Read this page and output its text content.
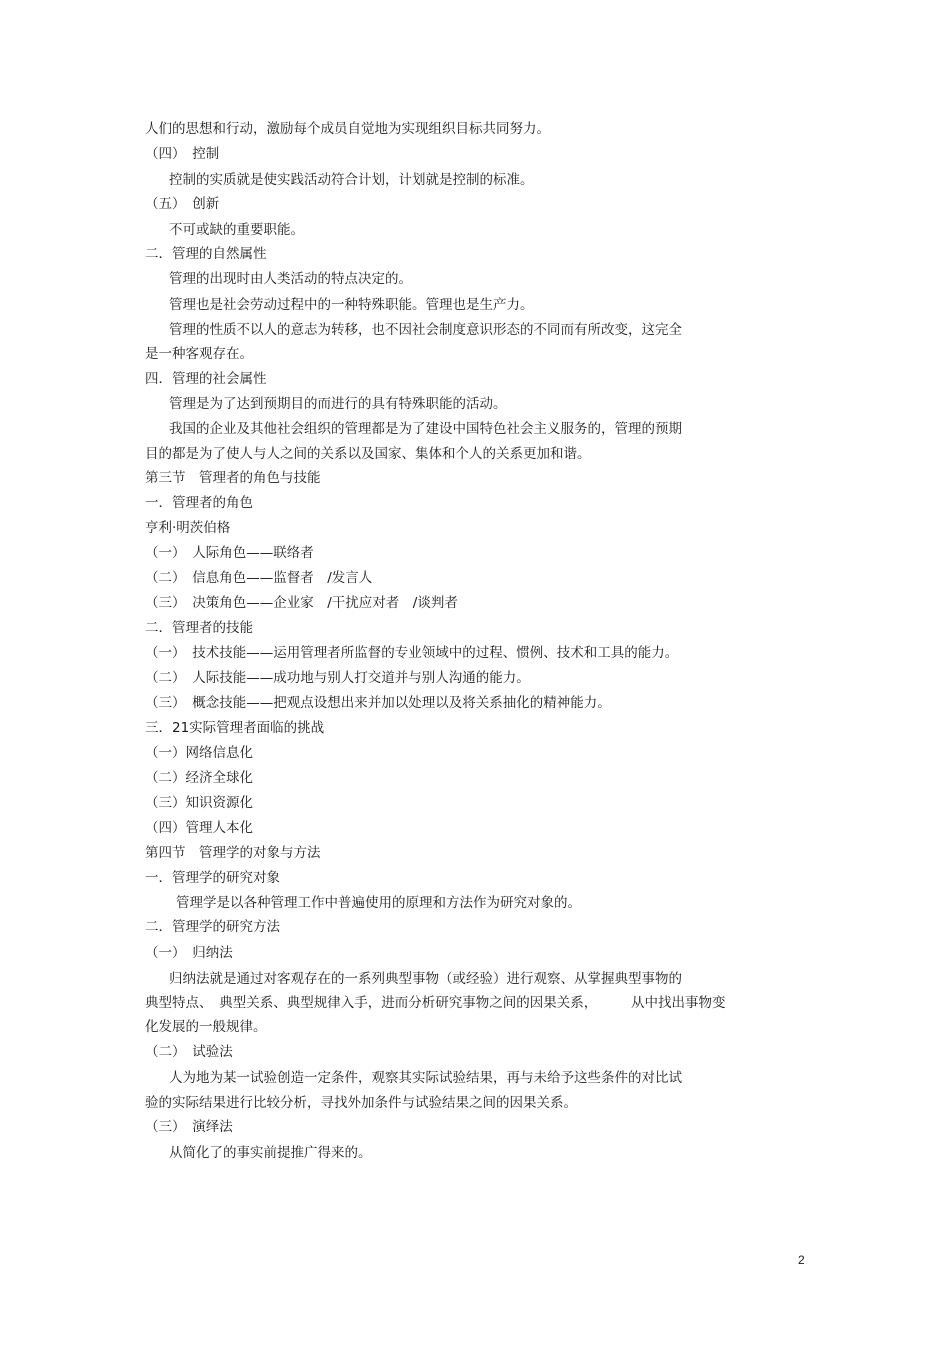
人们的思想和行动，激励每个成员自觉地为实现组织目标共同努力。
（四）　控制
控制的实质就是使实践活动符合计划，计划就是控制的标准。
（五）　创新
不可或缺的重要职能。
二．管理的自然属性
管理的出现时由人类活动的特点决定的。
管理也是社会劳动过程中的一种特殊职能。管理也是生产力。
管理的性质不以人的意志为转移，也不因社会制度意识形态的不同而有所改变，这完全
是一种客观存在。
四．管理的社会属性
管理是为了达到预期目的而进行的具有特殊职能的活动。
我国的企业及其他社会组织的管理都是为了建设中国特色社会主义服务的，管理的预期
目的都是为了使人与人之间的关系以及国家、集体和个人的关系更加和谐。
第三节　管理者的角色与技能
一．管理者的角色
亨利·明茨伯格
（一）　人际角色——联络者
（二）　信息角色——监督者　/发言人
（三）　决策角色——企业家　/干扰应对者　/谈判者
二．管理者的技能
（一）　技术技能——运用管理者所监督的专业领域中的过程、惯例、技术和工具的能力。
（二）　人际技能——成功地与别人打交道并与别人沟通的能力。
（三）　概念技能——把观点设想出来并加以处理以及将关系抽化的精神能力。
三．21实际管理者面临的挑战
（一）网络信息化
（二）经济全球化
（三）知识资源化
（四）管理人本化
第四节　管理学的对象与方法
一．管理学的研究对象
管理学是以各种管理工作中普遍使用的原理和方法作为研究对象的。
二．管理学的研究方法
（一）　归纳法
归纳法就是通过对客观存在的一系列典型事物（或经验）进行观察、从掌握典型事物的
典型特点、　典型关系、典型规律入手，进而分析研究事物之间的因果关系，　　　从中找出事物变
化发展的一般规律。
（二）　试验法
人为地为某一试验创造一定条件，观察其实际试验结果，再与未给予这些条件的对比试
验的实际结果进行比较分析，寻找外加条件与试验结果之间的因果关系。
（三）　演绎法
从简化了的事实前提推广得来的。
2
